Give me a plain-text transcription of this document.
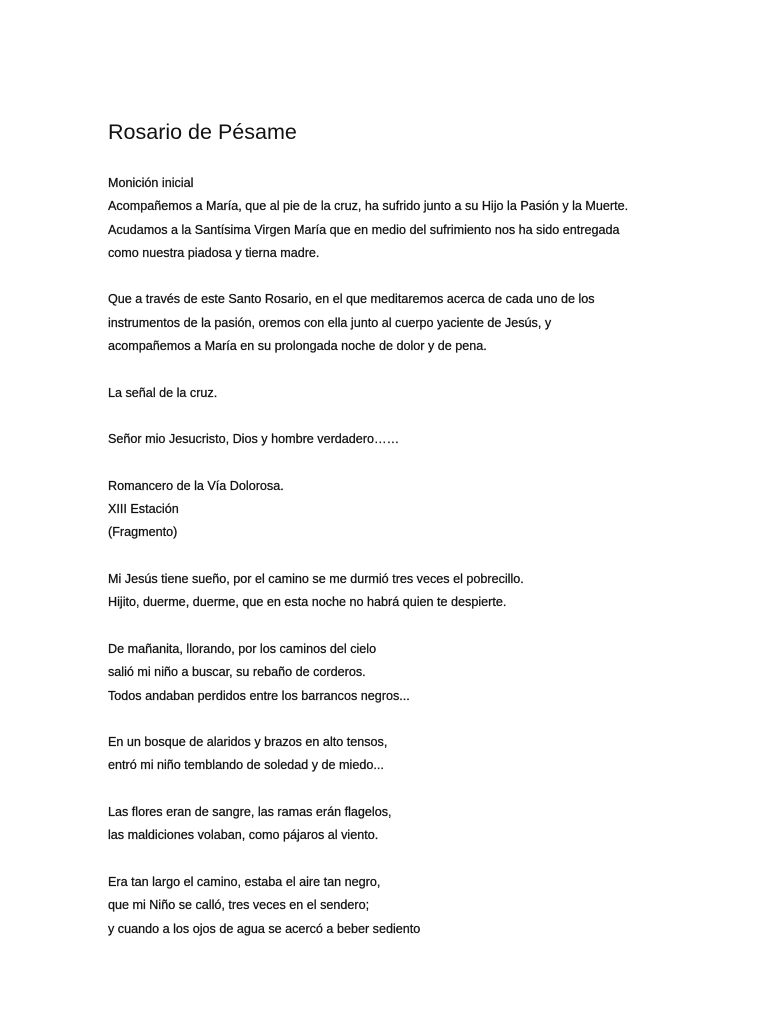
Rosario de Pésame
Monición inicial
Acompañemos a María, que al pie de la cruz, ha sufrido junto a su Hijo la Pasión y la Muerte.
Acudamos a la Santísima Virgen María que en medio del sufrimiento nos ha sido entregada
como nuestra piadosa y tierna madre.
Que a través de este Santo Rosario, en el que meditaremos acerca de cada uno de los
instrumentos de la pasión, oremos con ella junto al cuerpo yaciente de Jesús, y
acompañemos a María en su prolongada noche de dolor y de pena.
La señal de la cruz.
Señor mio Jesucristo, Dios y hombre verdadero……
Romancero de la Vía Dolorosa.
XIII Estación
(Fragmento)
Mi Jesús tiene sueño, por el camino se me durmió tres veces el pobrecillo.
Hijito, duerme, duerme, que en esta noche no habrá quien te despierte.
De mañanita, llorando, por los caminos del cielo
salió mi niño a buscar, su rebaño de corderos.
Todos andaban perdidos entre los barrancos negros...
En un bosque de alaridos y brazos en alto tensos,
entró mi niño temblando de soledad y de miedo...
Las flores eran de sangre, las ramas erán flagelos,
las maldiciones volaban, como pájaros al viento.
Era tan largo el camino, estaba el aire tan negro,
que mi Niño se calló, tres veces en el sendero;
y cuando a los ojos de agua se acercó a beber sediento
